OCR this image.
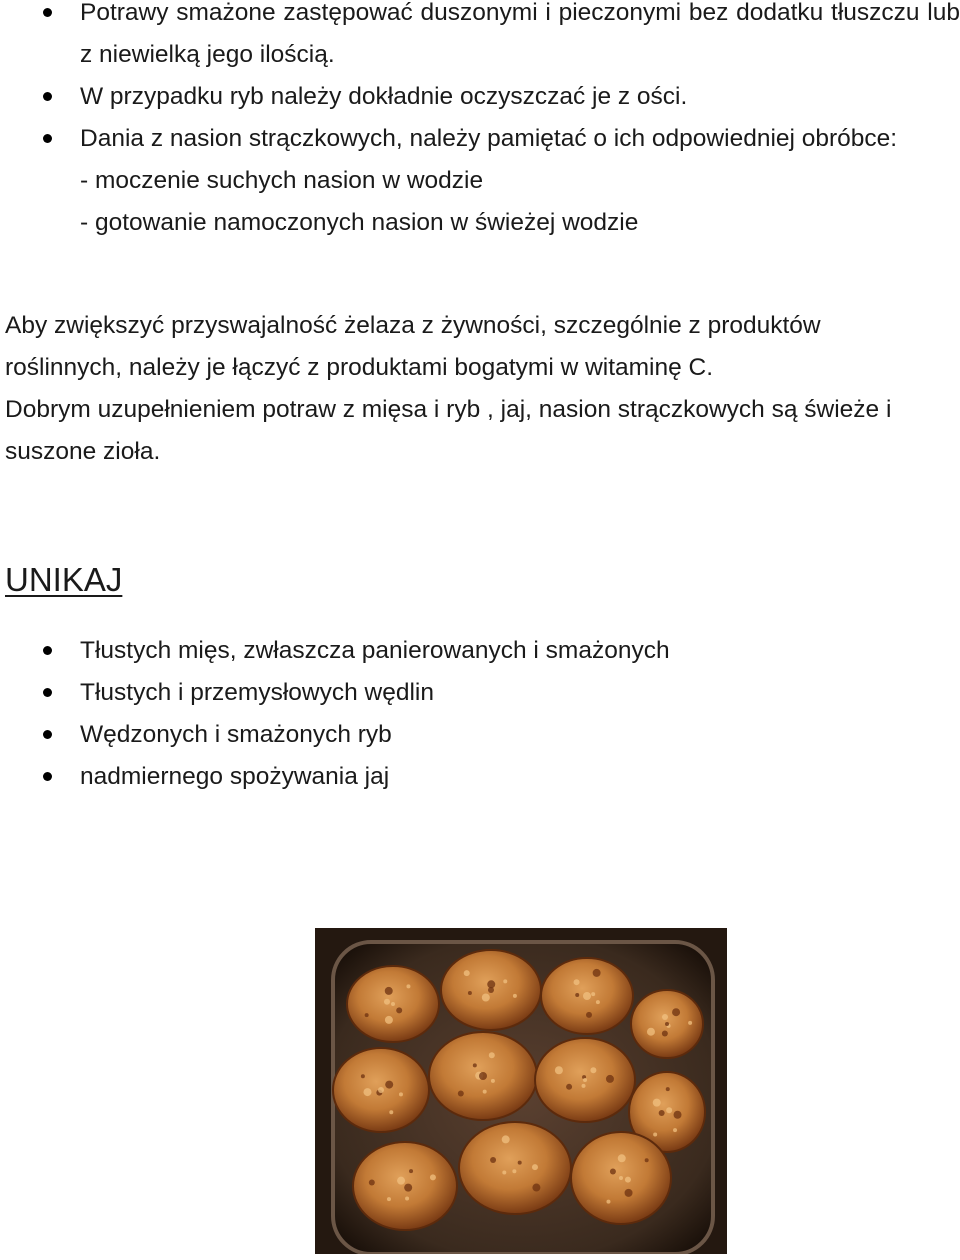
Potrawy smażone zastępować duszonymi i pieczonymi bez dodatku tłuszczu lub z niewielką jego ilością.
W przypadku ryb należy dokładnie oczyszczać je z ości.
Dania z nasion strączkowych, należy pamiętać o ich odpowiedniej obróbce:
- moczenie suchych nasion w wodzie
- gotowanie namoczonych nasion w świeżej wodzie

Aby zwiększyć przyswajalność żelaza z żywności, szczególnie z produktów roślinnych, należy je łączyć z produktami bogatymi w witaminę C.
Dobrym uzupełnieniem potraw z mięsa i ryb , jaj, nasion strączkowych są świeże i suszone zioła.

UNIKAJ
Tłustych mięs, zwłaszcza panierowanych i smażonych
Tłustych i przemysłowych wędlin
Wędzonych i smażonych ryb
nadmiernego spożywania jaj
